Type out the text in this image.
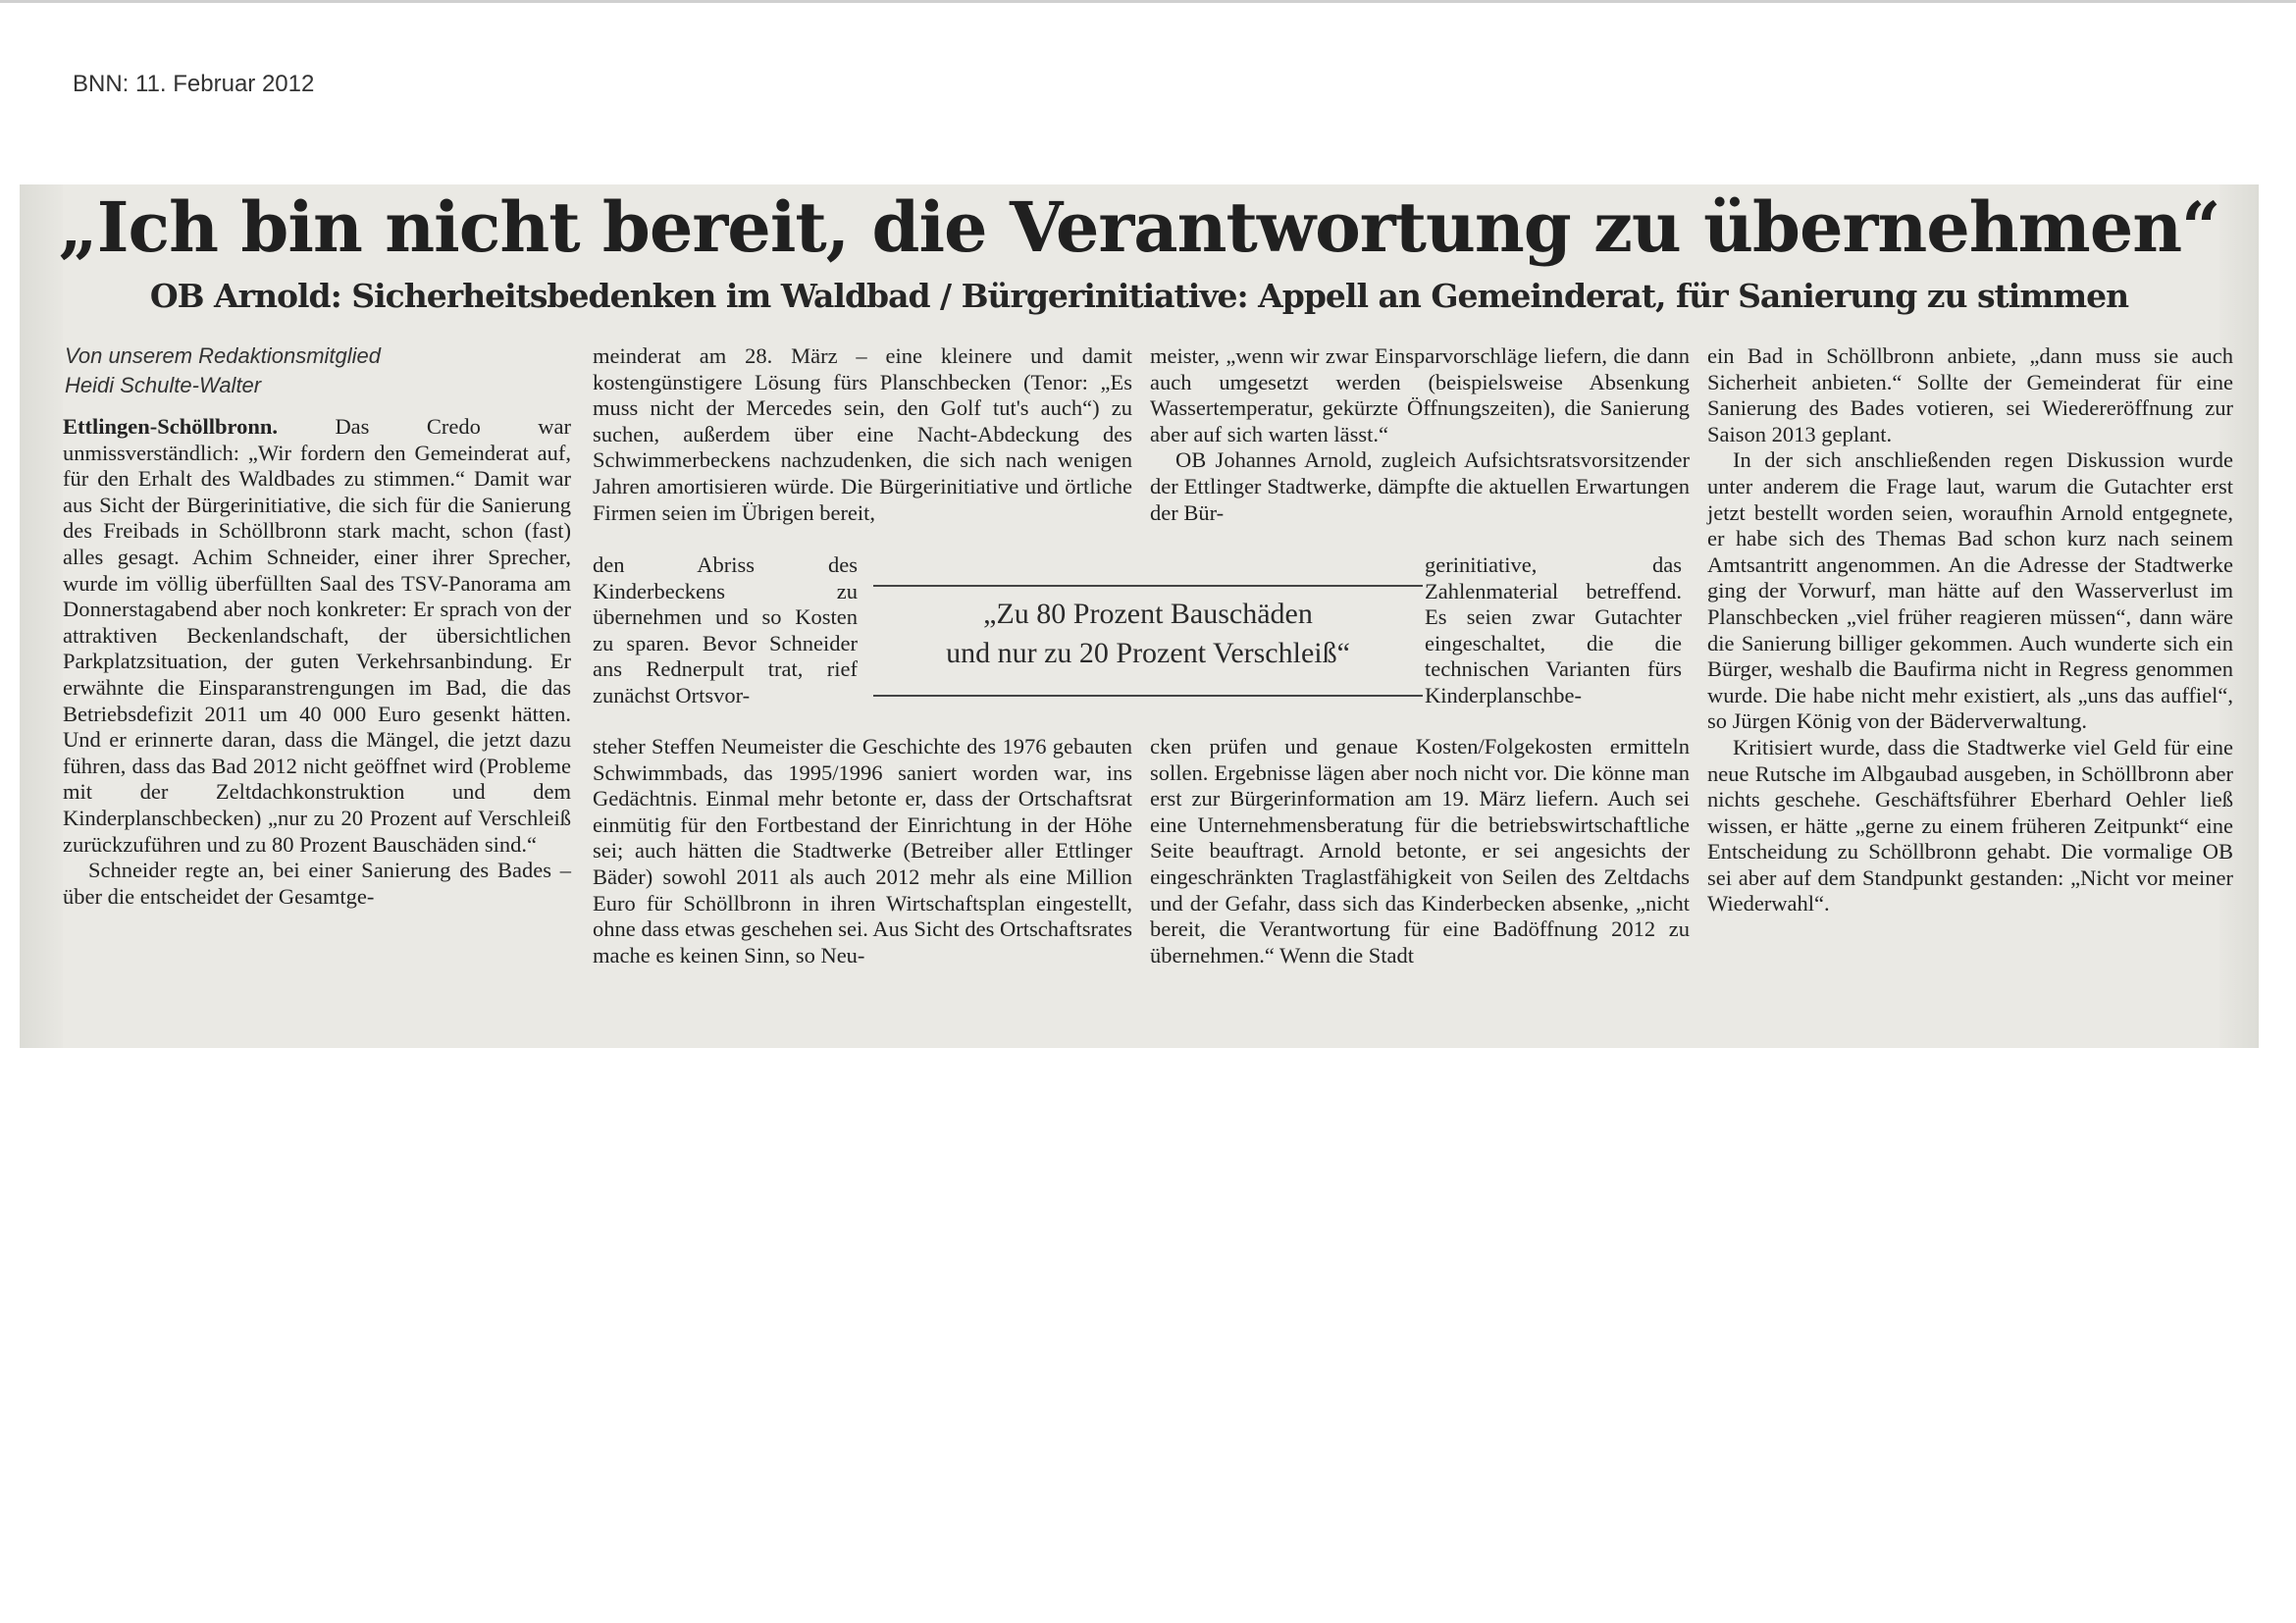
BNN: 11. Februar 2012
„Ich bin nicht bereit, die Verantwortung zu übernehmen“
OB Arnold: Sicherheitsbedenken im Waldbad / Bürgerinitiative: Appell an Gemeinderat, für Sanierung zu stimmen
Von unserem Redaktionsmitglied
Heidi Schulte-Walter

Ettlingen-Schöllbronn.	Das Credo war unmissverständlich: „Wir fordern den Gemeinderat auf, für den Erhalt des Waldbades zu stimmen.“ Damit war aus Sicht der Bürgerinitiative, die sich für die Sanierung des Freibads in Schöllbronn stark macht, schon (fast) alles gesagt. Achim Schneider, einer ihrer Sprecher, wurde im völlig überfüllten Saal des TSV-Panorama am Donnerstagabend aber noch konkreter: Er sprach von der attraktiven Beckenlandschaft, der übersichtlichen Parkplatzsituation, der guten Verkehrsanbindung. Er erwähnte die Einsparanstrengungen im Bad, die das Betriebsdefizit 2011 um 40 000 Euro gesenkt hätten. Und er erinnerte daran, dass die Mängel, die jetzt dazu führen, dass das Bad 2012 nicht geöffnet wird (Probleme mit der Zeltdachkonstruktion und dem Kinderplanschbecken) „nur zu 20 Prozent auf Verschleiß zurückzuführen und zu 80 Prozent Bauschäden sind.“

Schneider regte an, bei einer Sanierung des Bades – über die entscheidet der Gesamtge-

meinderat am 28. März – eine kleinere und damit kostengünstigere Lösung fürs Planschbecken (Tenor: „Es muss nicht der Mercedes sein, den Golf tut's auch“) zu suchen, außerdem über eine Nacht-Abdeckung des Schwimmerbeckens nachzudenken, die sich nach wenigen Jahren amortisieren würde. Die Bürgerinitiative und örtliche Firmen seien im Übrigen bereit,

den Abriss des Kinderbeckens zu übernehmen und so Kosten zu sparen. Bevor Schneider ans Rednerpult trat, rief zunächst Ortsvor-

steher Steffen Neumeister die Geschichte des 1976 gebauten Schwimmbads, das 1995/1996 saniert worden war, ins Gedächtnis. Einmal mehr betonte er, dass der Ortschaftsrat einmütig für den Fortbestand der Einrichtung in der Höhe sei; auch hätten die Stadtwerke (Betreiber aller Ettlinger Bäder) sowohl 2011 als auch 2012 mehr als eine Million Euro für Schöllbronn in ihren Wirtschaftsplan eingestellt, ohne dass etwas geschehen sei. Aus Sicht des Ortschaftsrates mache es keinen Sinn, so Neu-

„Zu 80 Prozent Bauschäden
und nur zu 20 Prozent Verschleiß“

meister, „wenn wir zwar Einsparvorschläge liefern, die dann auch umgesetzt werden (beispielsweise Absenkung Wassertemperatur, gekürzte Öffnungszeiten), die Sanierung aber auf sich warten lässt.“

OB Johannes Arnold, zugleich Aufsichtsratsvorsitzender der Ettlinger Stadtwerke, dämpfte die aktuellen Erwartungen der Bür-

gerinitiative, das Zahlenmaterial betreffend. Es seien zwar Gutachter eingeschaltet, die die technischen Varianten fürs Kinderplanschbe-

cken prüfen und genaue Kosten/Folgekosten ermitteln sollen. Ergebnisse lägen aber noch nicht vor. Die könne man erst zur Bürgerinformation am 19. März liefern. Auch sei eine Unternehmensberatung für die betriebswirtschaftliche Seite beauftragt. Arnold betonte, er sei angesichts der eingeschränkten Traglastfähigkeit von Seilen des Zeltdachs und der Gefahr, dass sich das Kinderbecken absenke, „nicht bereit, die Verantwortung für eine Badöffnung 2012 zu übernehmen.“ Wenn die Stadt

ein Bad in Schöllbronn anbiete, „dann muss sie auch Sicherheit anbieten.“ Sollte der Gemeinderat für eine Sanierung des Bades votieren, sei Wiedereröffnung zur Saison 2013 geplant.

In der sich anschließenden regen Diskussion wurde unter anderem die Frage laut, warum die Gutachter erst jetzt bestellt worden seien, woraufhin Arnold entgegnete, er habe sich des Themas Bad schon kurz nach seinem Amtsantritt angenommen. An die Adresse der Stadtwerke ging der Vorwurf, man hätte auf den Wasserverlust im Planschbecken „viel früher reagieren müssen“, dann wäre die Sanierung billiger gekommen. Auch wunderte sich ein Bürger, weshalb die Baufirma nicht in Regress genommen wurde. Die habe nicht mehr existiert, als „uns das auffiel“, so Jürgen König von der Bäderverwaltung.

Kritisiert wurde, dass die Stadtwerke viel Geld für eine neue Rutsche im Albgaubad ausgeben, in Schöllbronn aber nichts geschehe. Geschäftsführer Eberhard Oehler ließ wissen, er hätte „gerne zu einem früheren Zeitpunkt“ eine Entscheidung zu Schöllbronn gehabt. Die vormalige OB sei aber auf dem Standpunkt gestanden: „Nicht vor meiner Wiederwahl“.
